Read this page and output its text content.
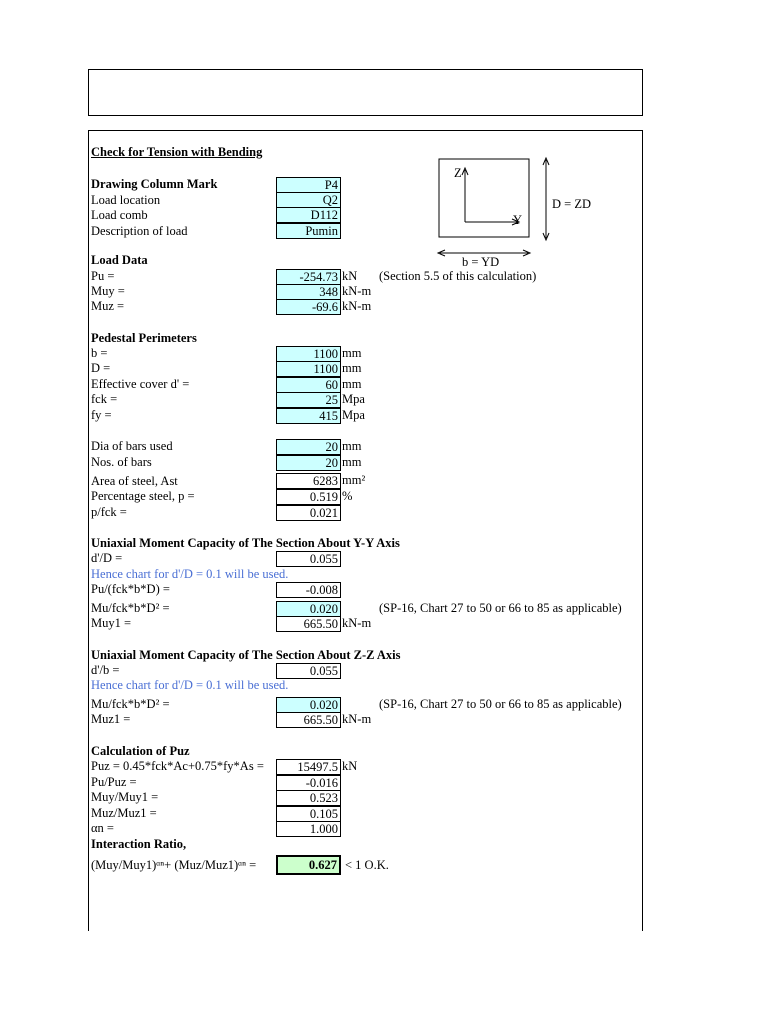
Check for Tension with Bending
Drawing Column Mark	P4
Load location	Q2
Load comb	D112
Description of load	Pumin
Z
Y
D = ZD
b = YD
Load Data
Pu =	-254.73 kN (Section 5.5 of this calculation)
Muy =	348 kN-m
Muz =	-69.6 kN-m
Pedestal Perimeters
b =	1100 mm
D =	1100 mm
Effective cover d' =	60 mm
fck =	25 Mpa
fy =	415 Mpa
Dia of bars used	20 mm
Nos. of bars	20 mm
Area of steel, Ast	6283 mm²
Percentage steel, p =	0.519 %
p/fck =	0.021
Uniaxial Moment Capacity of The Section About Y-Y Axis
d'/D =	0.055
Hence chart for d'/D = 0.1 will be used.
Pu/(fck*b*D) =	-0.008
Mu/fck*b*D² =	0.020	(SP-16, Chart 27 to 50 or 66 to 85 as applicable)
Muy1 =	665.50 kN-m
Uniaxial Moment Capacity of The Section About Z-Z Axis
d'/b =	0.055
Hence chart for d'/D = 0.1 will be used.
Mu/fck*b*D² =	0.020	(SP-16, Chart 27 to 50 or 66 to 85 as applicable)
Muz1 =	665.50 kN-m
Calculation of Puz
Puz = 0.45*fck*Ac+0.75*fy*As =	15497.5 kN
Pu/Puz =	-0.016
Muy/Muy1 =	0.523
Muz/Muz1 =	0.105
αn =	1.000
Interaction Ratio,
(Muy/Muy1)ᵅⁿ+ (Muz/Muz1)ᵅⁿ =	0.627 < 1 O.K.
